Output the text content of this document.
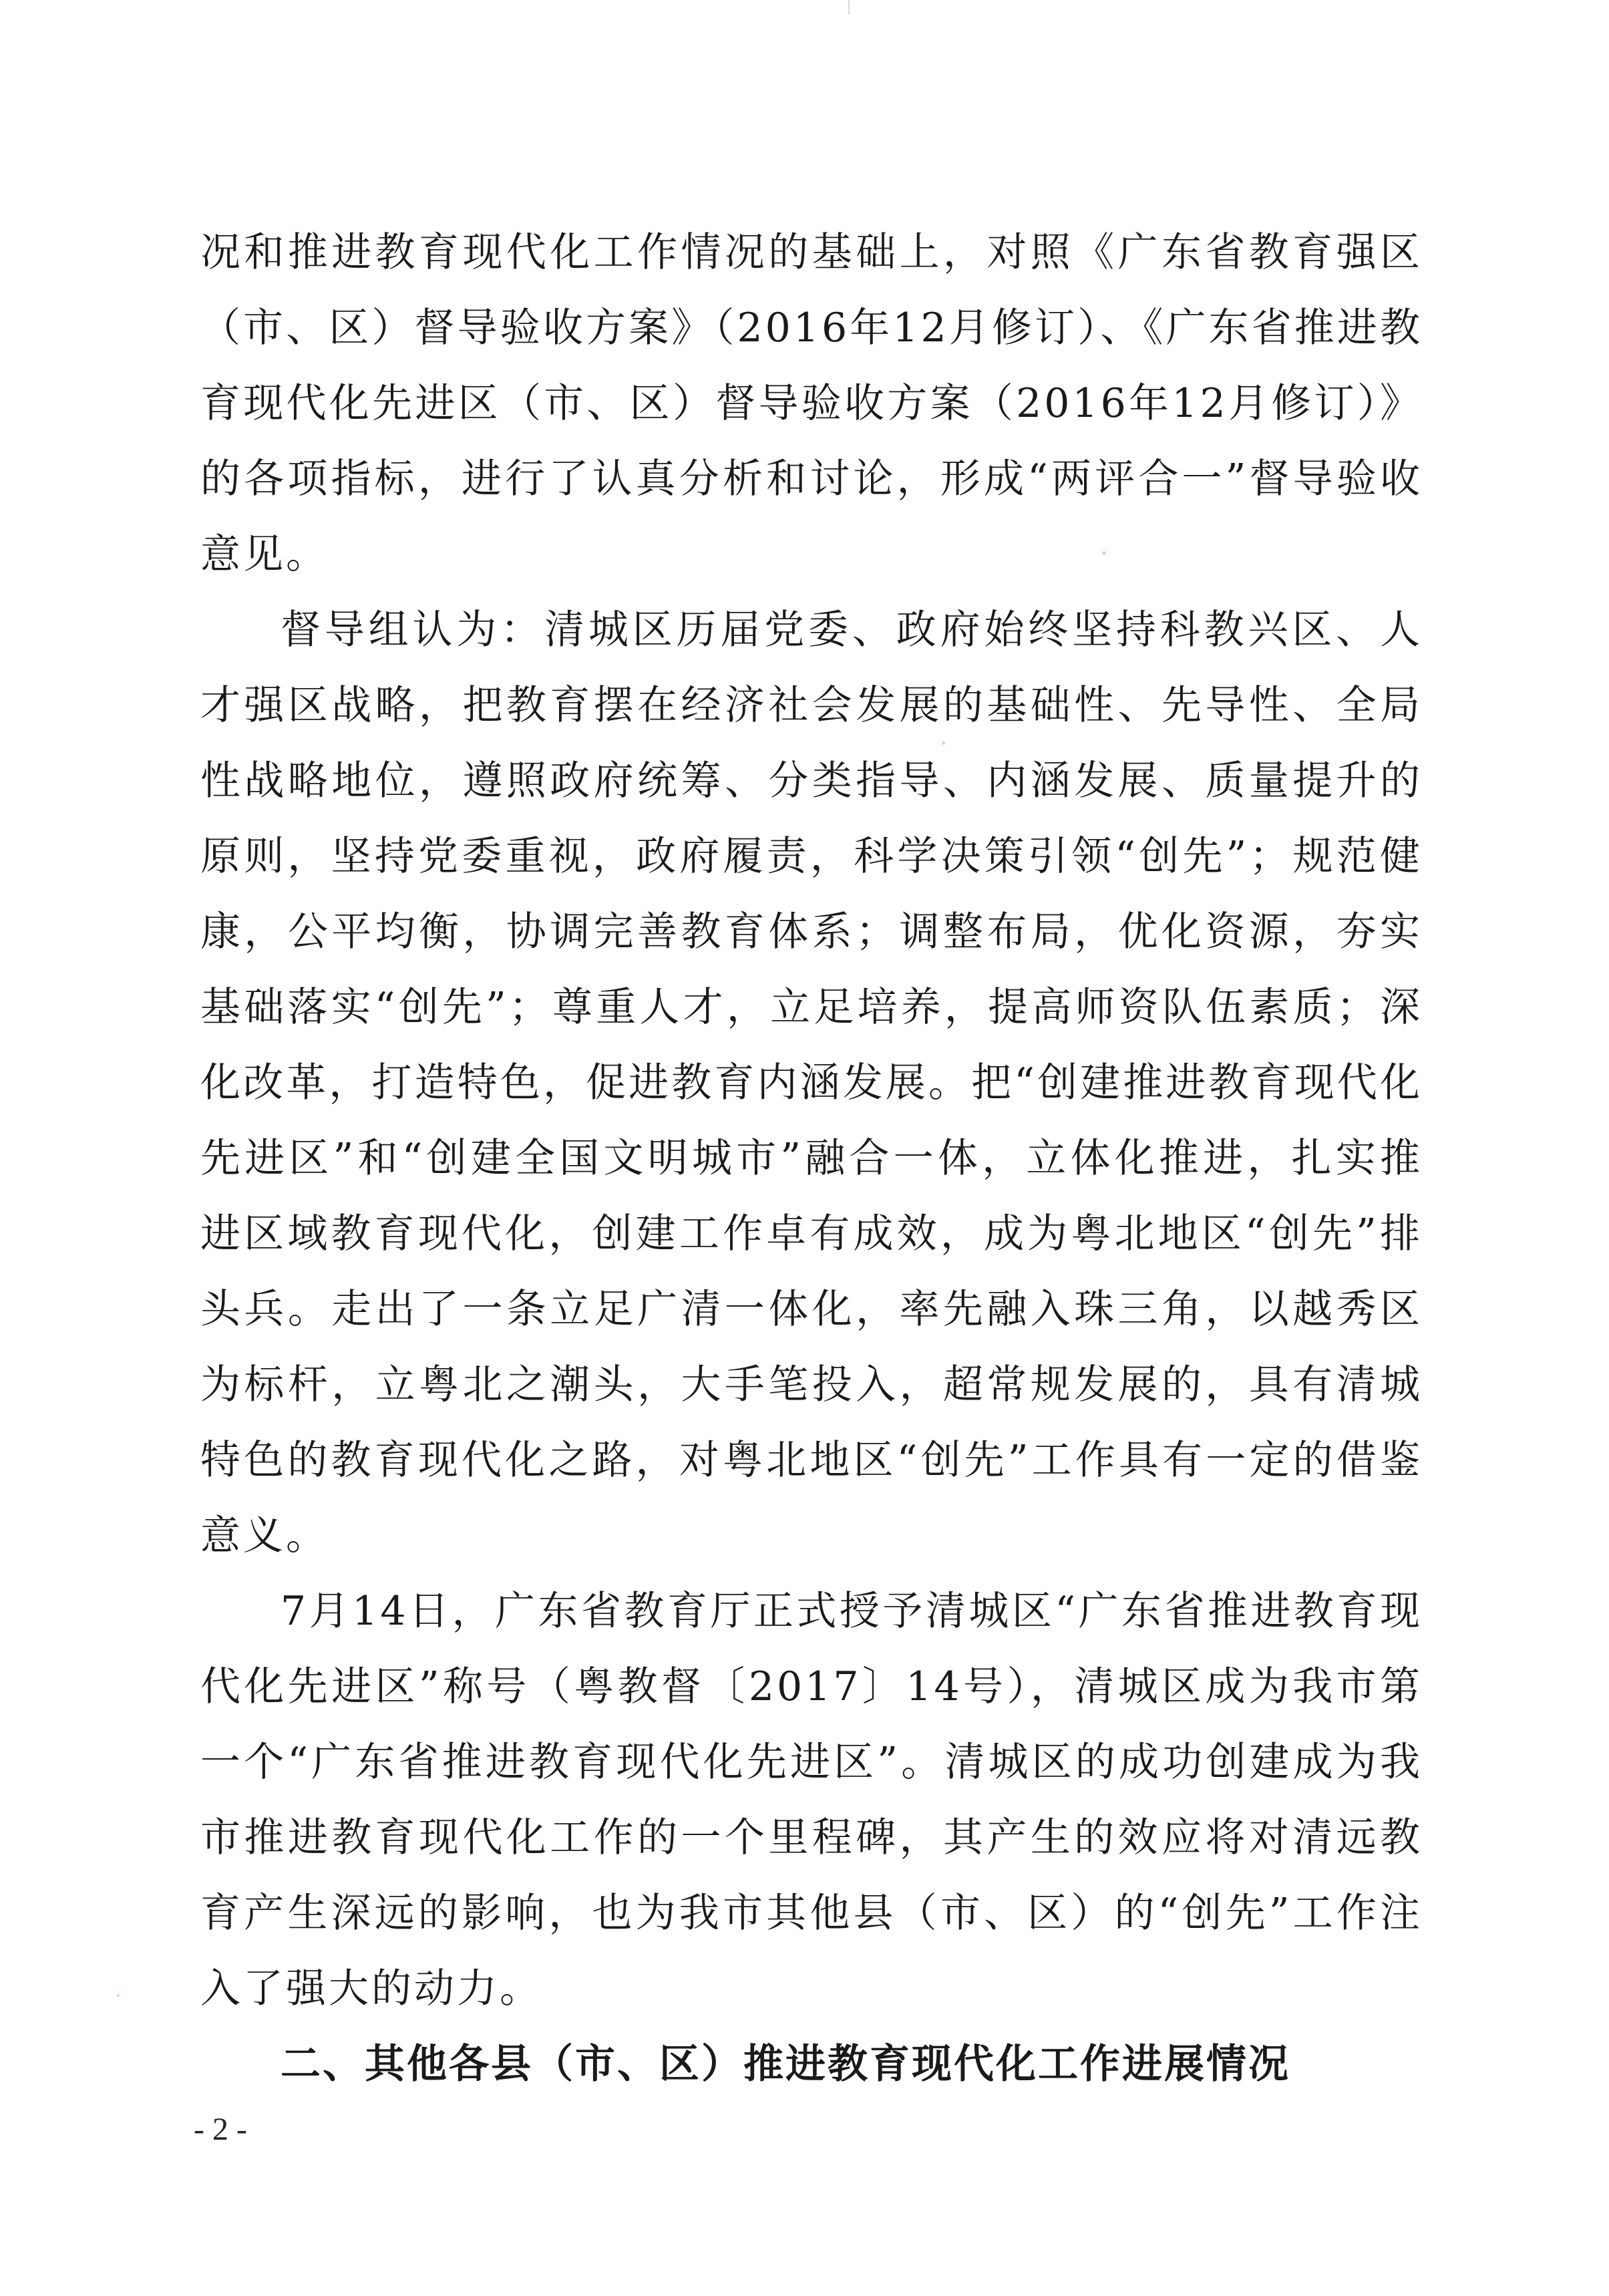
况和推进教育现代化工作情况的基础上，对照《广东省教育强区（市、区）督导验收方案》（2016年12月修订）、《广东省推进教育现代化先进区（市、区）督导验收方案（2016年12月修订）》的各项指标，进行了认真分析和讨论，形成“两评合一”督导验收意见。

督导组认为：清城区历届党委、政府始终坚持科教兴区、人才强区战略，把教育摆在经济社会发展的基础性、先导性、全局性战略地位，遵照政府统筹、分类指导、内涵发展、质量提升的原则，坚持党委重视，政府履责，科学决策引领“创先”；规范健康，公平均衡，协调完善教育体系；调整布局，优化资源，夯实基础落实“创先”；尊重人才，立足培养，提高师资队伍素质；深化改革，打造特色，促进教育内涵发展。把“创建推进教育现代化先进区”和“创建全国文明城市”融合一体，立体化推进，扎实推进区域教育现代化，创建工作卓有成效，成为粤北地区“创先”排头兵。走出了一条立足广清一体化，率先融入珠三角，以越秀区为标杆，立粤北之潮头，大手笔投入，超常规发展的，具有清城特色的教育现代化之路，对粤北地区“创先”工作具有一定的借鉴意义。

7月14日，广东省教育厅正式授予清城区“广东省推进教育现代化先进区”称号（粤教督〔2017〕14号），清城区成为我市第一个“广东省推进教育现代化先进区”。清城区的成功创建成为我市推进教育现代化工作的一个里程碑，其产生的效应将对清远教育产生深远的影响，也为我市其他县（市、区）的“创先”工作注入了强大的动力。

二、其他各县（市、区）推进教育现代化工作进展情况

- 2 -
